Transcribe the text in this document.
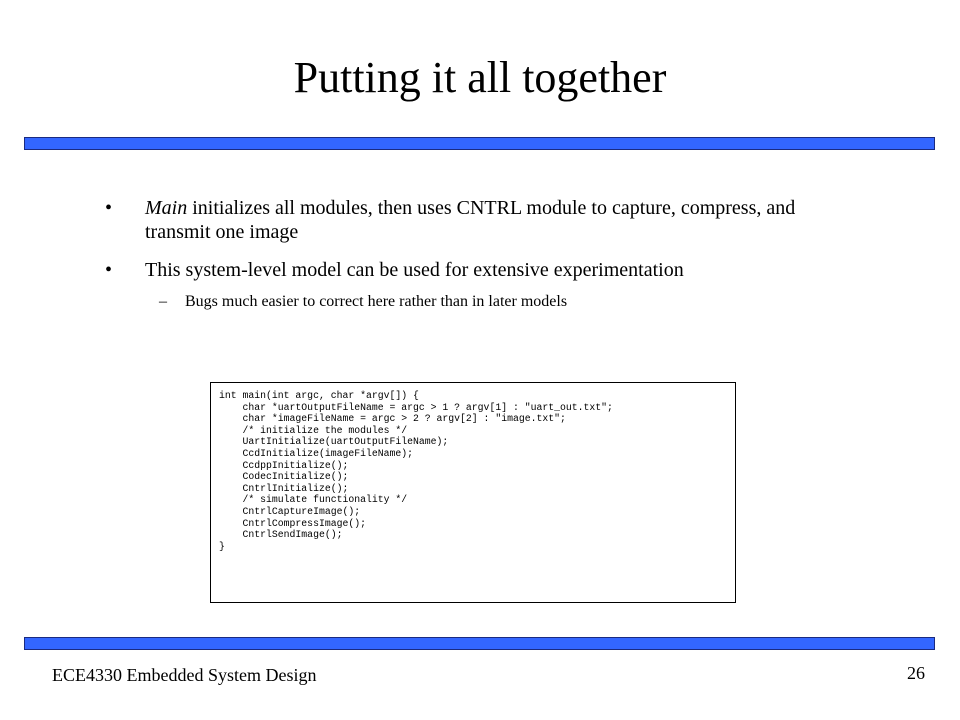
Putting it all together
• Main initializes all modules, then uses CNTRL module to capture, compress, and transmit one image
• This system-level model can be used for extensive experimentation
– Bugs much easier to correct here rather than in later models
int main(int argc, char *argv[]) {
char *uartOutputFileName = argc > 1 ? argv[1] : "uart_out.txt";
char *imageFileName = argc > 2 ? argv[2] : "image.txt";
/* initialize the modules */
UartInitialize(uartOutputFileName);
CcdInitialize(imageFileName);
CcdppInitialize();
CodecInitialize();
CntrlInitialize();
/* simulate functionality */
CntrlCaptureImage();
CntrlCompressImage();
CntrlSendImage();
}
ECE4330 Embedded System Design	26
